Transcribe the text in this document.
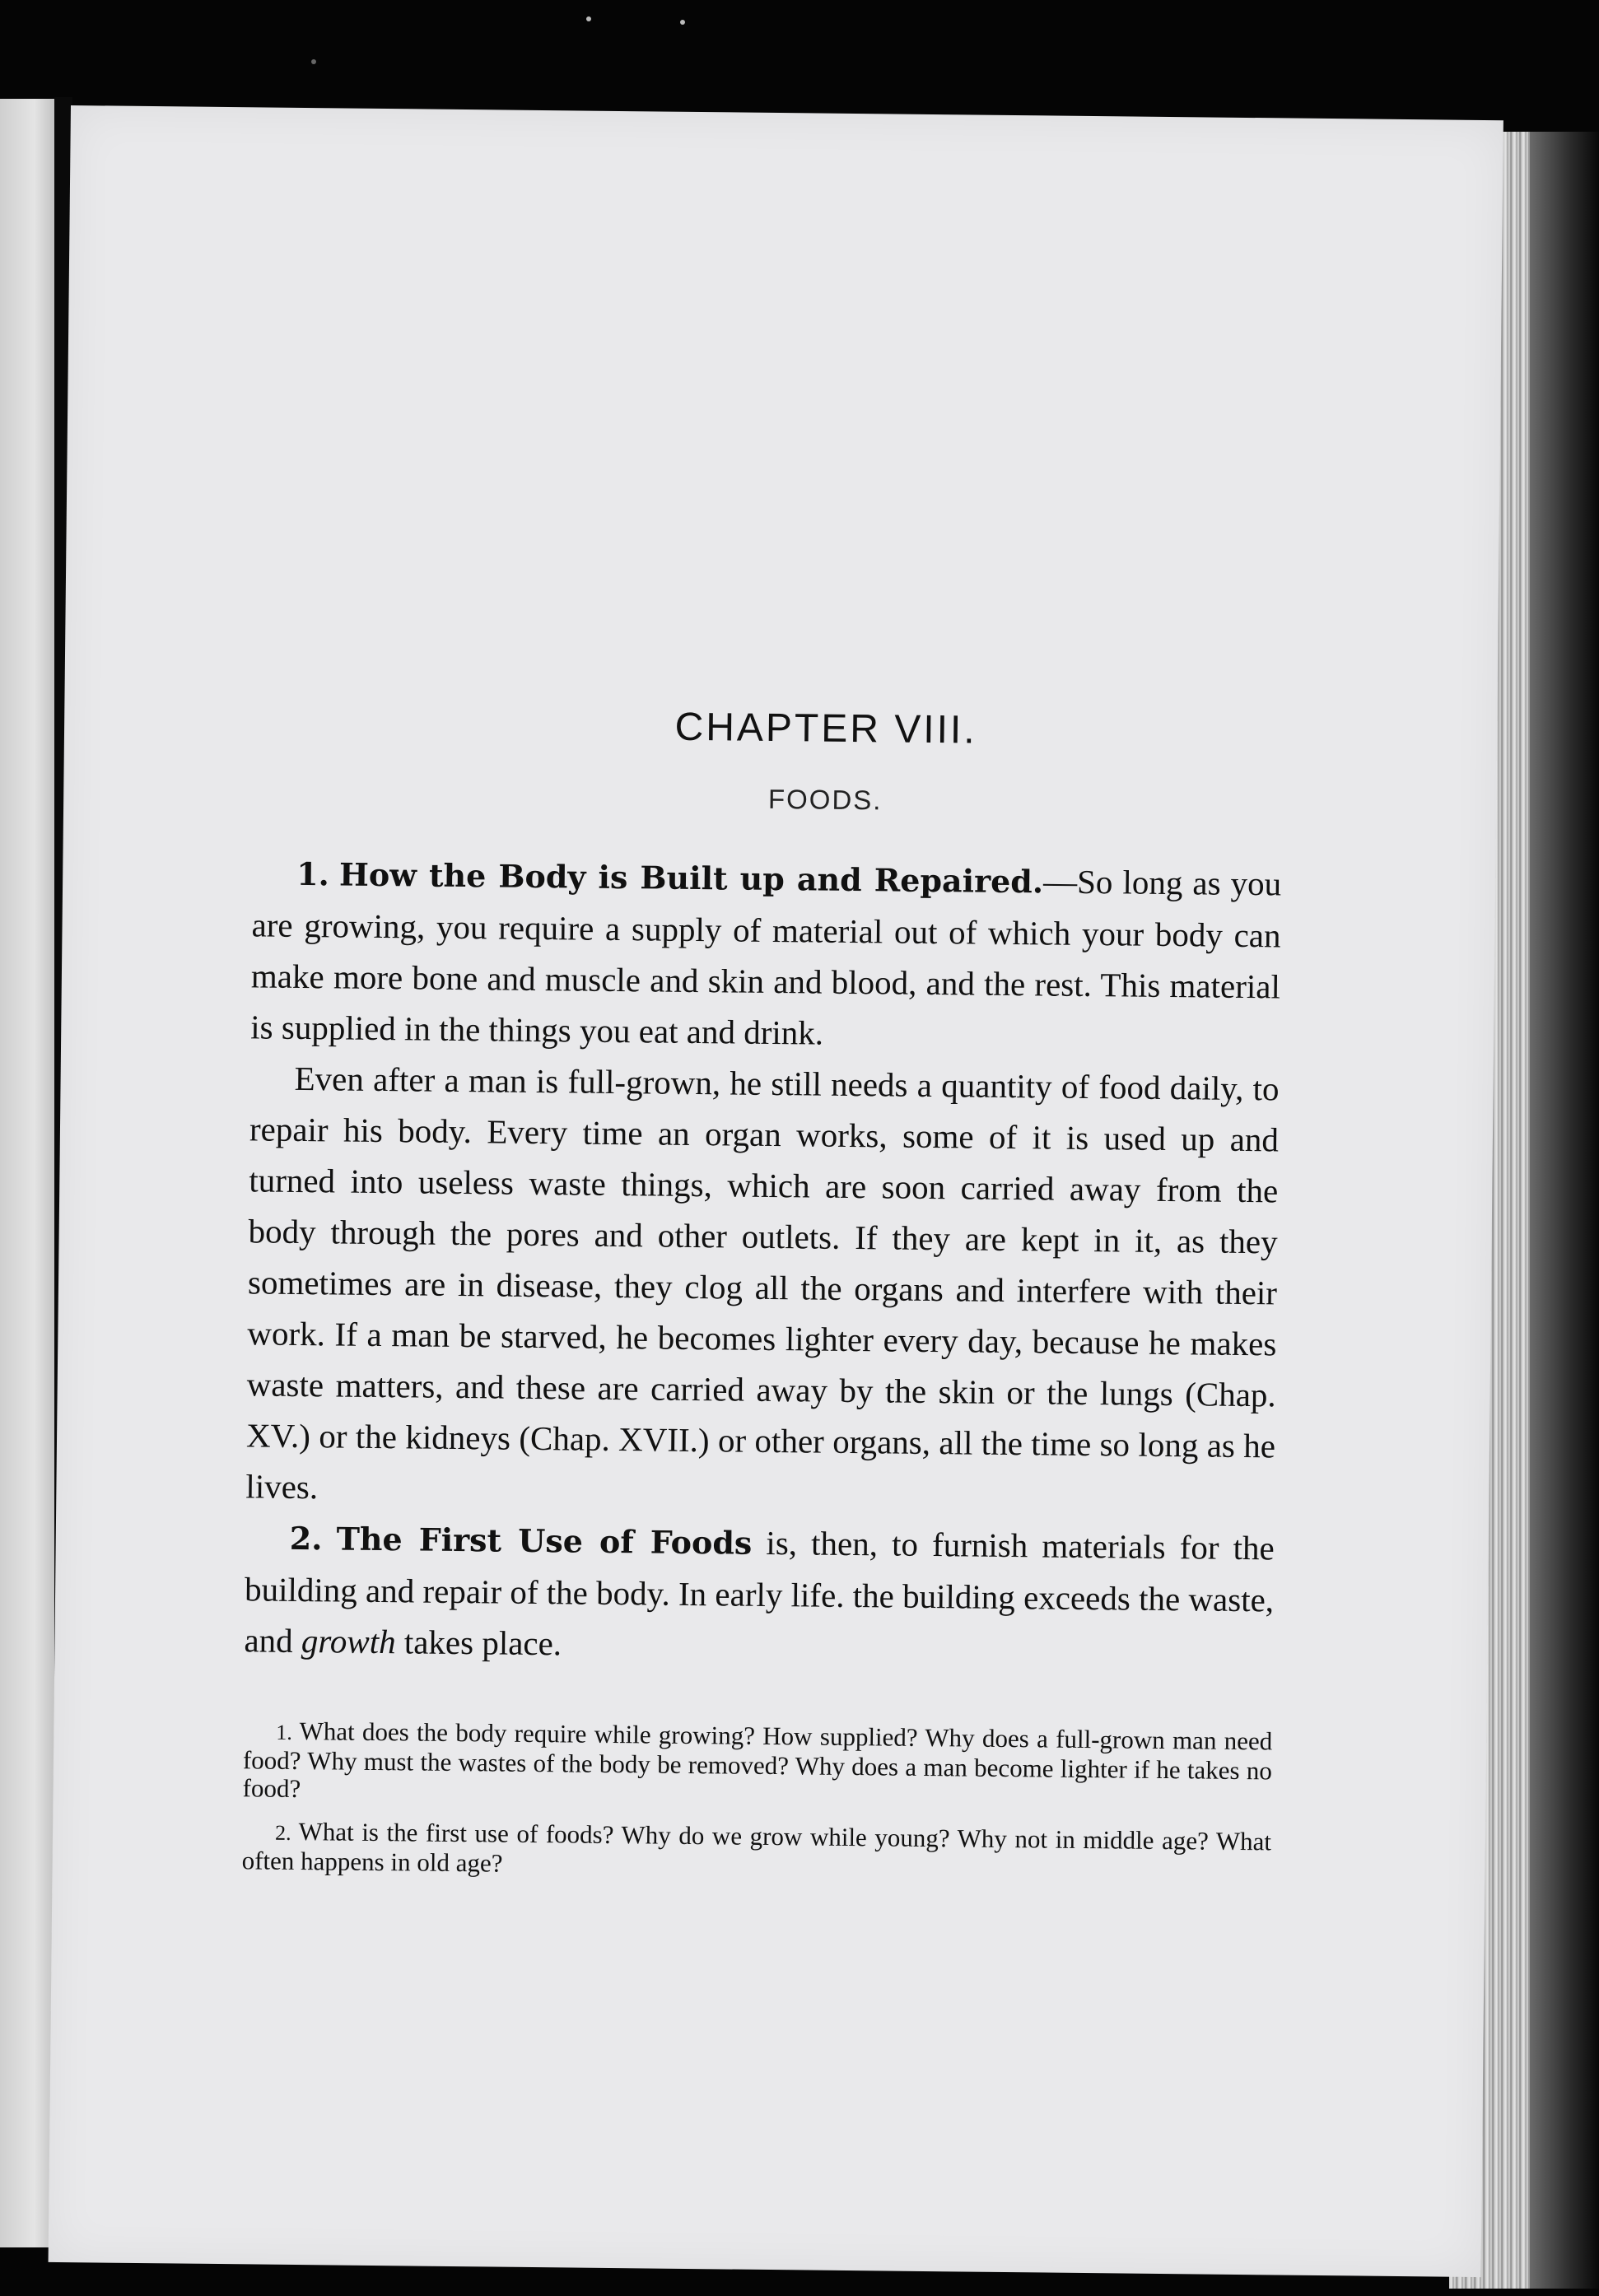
CHAPTER VIII.
FOODS.

1. How the Body is Built up and Repaired.—So long as you are growing, you require a supply of material out of which your body can make more bone and muscle and skin and blood, and the rest. This material is supplied in the things you eat and drink.

Even after a man is full-grown, he still needs a quantity of food daily, to repair his body. Every time an organ works, some of it is used up and turned into useless waste things, which are soon carried away from the body through the pores and other outlets. If they are kept in it, as they sometimes are in disease, they clog all the organs and interfere with their work. If a man be starved, he becomes lighter every day, because he makes waste matters, and these are carried away by the skin or the lungs (Chap. XV.) or the kidneys (Chap. XVII.) or other organs, all the time so long as he lives.

2. The First Use of Foods is, then, to furnish materials for the building and repair of the body. In early life. the building exceeds the waste, and growth takes place.

1. What does the body require while growing? How supplied? Why does a full-grown man need food? Why must the wastes of the body be removed? Why does a man become lighter if he takes no food?

2. What is the first use of foods? Why do we grow while young? Why not in middle age? What often happens in old age?
